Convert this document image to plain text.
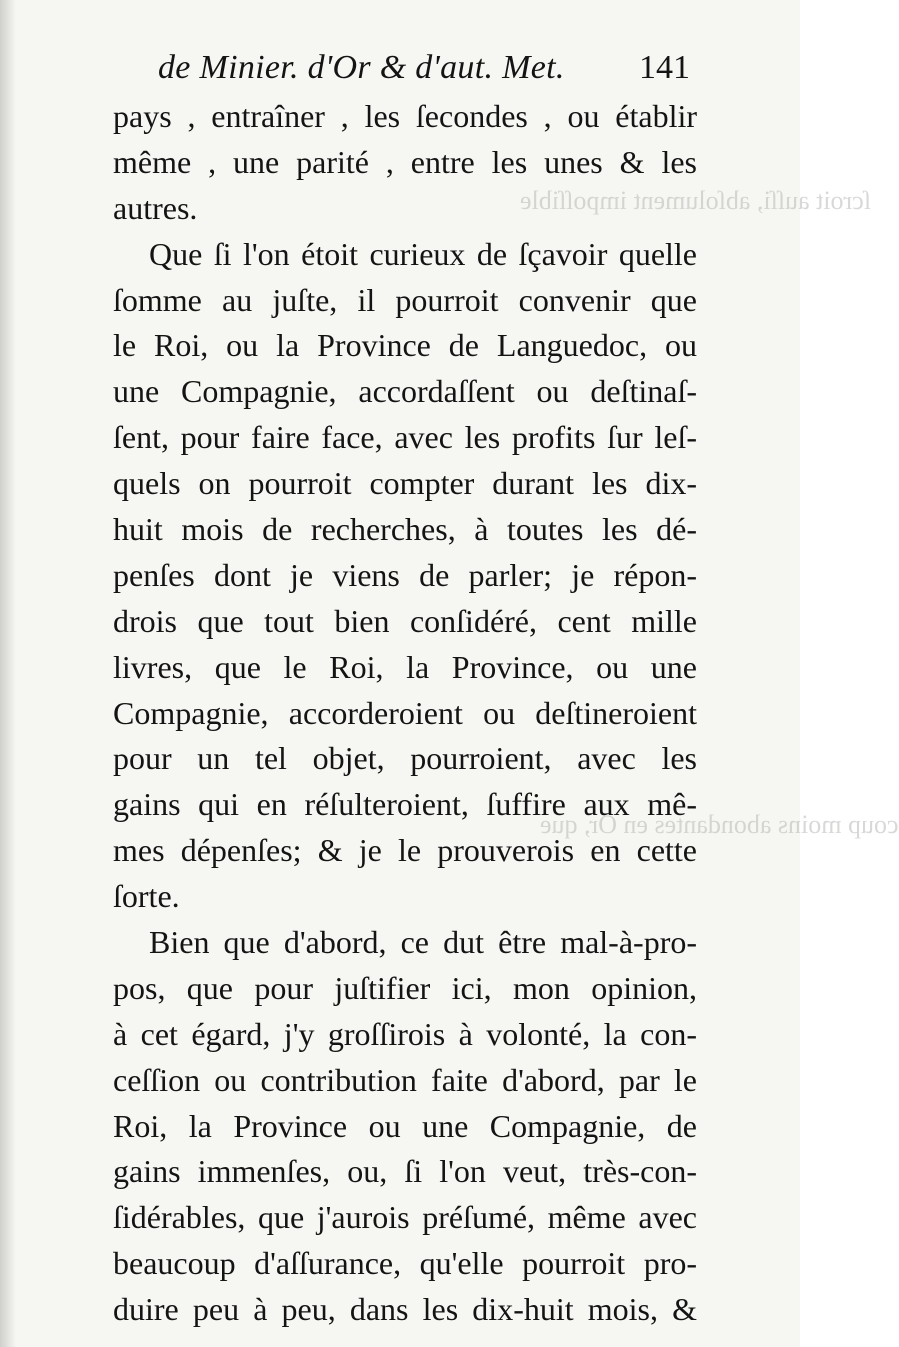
ſcroit auſſi, abſolument impoſſible
coup moins abondantes en Or, que
de Minier. d'Or & d'aut. Met. 141
pays , entraîner , les ſecondes , ou établir
même , une parité , entre les unes & les
autres.
Que ſi l'on étoit curieux de ſçavoir quelle
ſomme au juſte, il pourroit convenir que
le Roi, ou la Province de Languedoc, ou
une Compagnie, accordaſſent ou deſtinaſ-
ſent, pour faire face, avec les profits ſur leſ-
quels on pourroit compter durant les dix-
huit mois de recherches, à toutes les dé-
penſes dont je viens de parler; je répon-
drois que tout bien conſidéré, cent mille
livres, que le Roi, la Province, ou une
Compagnie, accorderoient ou deſtineroient
pour un tel objet, pourroient, avec les
gains qui en réſulteroient, ſuffire aux mê-
mes dépenſes; & je le prouverois en cette
ſorte.
Bien que d'abord, ce dut être mal-à-pro-
pos, que pour juſtifier ici, mon opinion,
à cet égard, j'y groſſirois à volonté, la con-
ceſſion ou contribution faite d'abord, par le
Roi, la Province ou une Compagnie, de
gains immenſes, ou, ſi l'on veut, très-con-
ſidérables, que j'aurois préſumé, même avec
beaucoup d'aſſurance, qu'elle pourroit pro-
duire peu à peu, dans les dix-huit mois, &
